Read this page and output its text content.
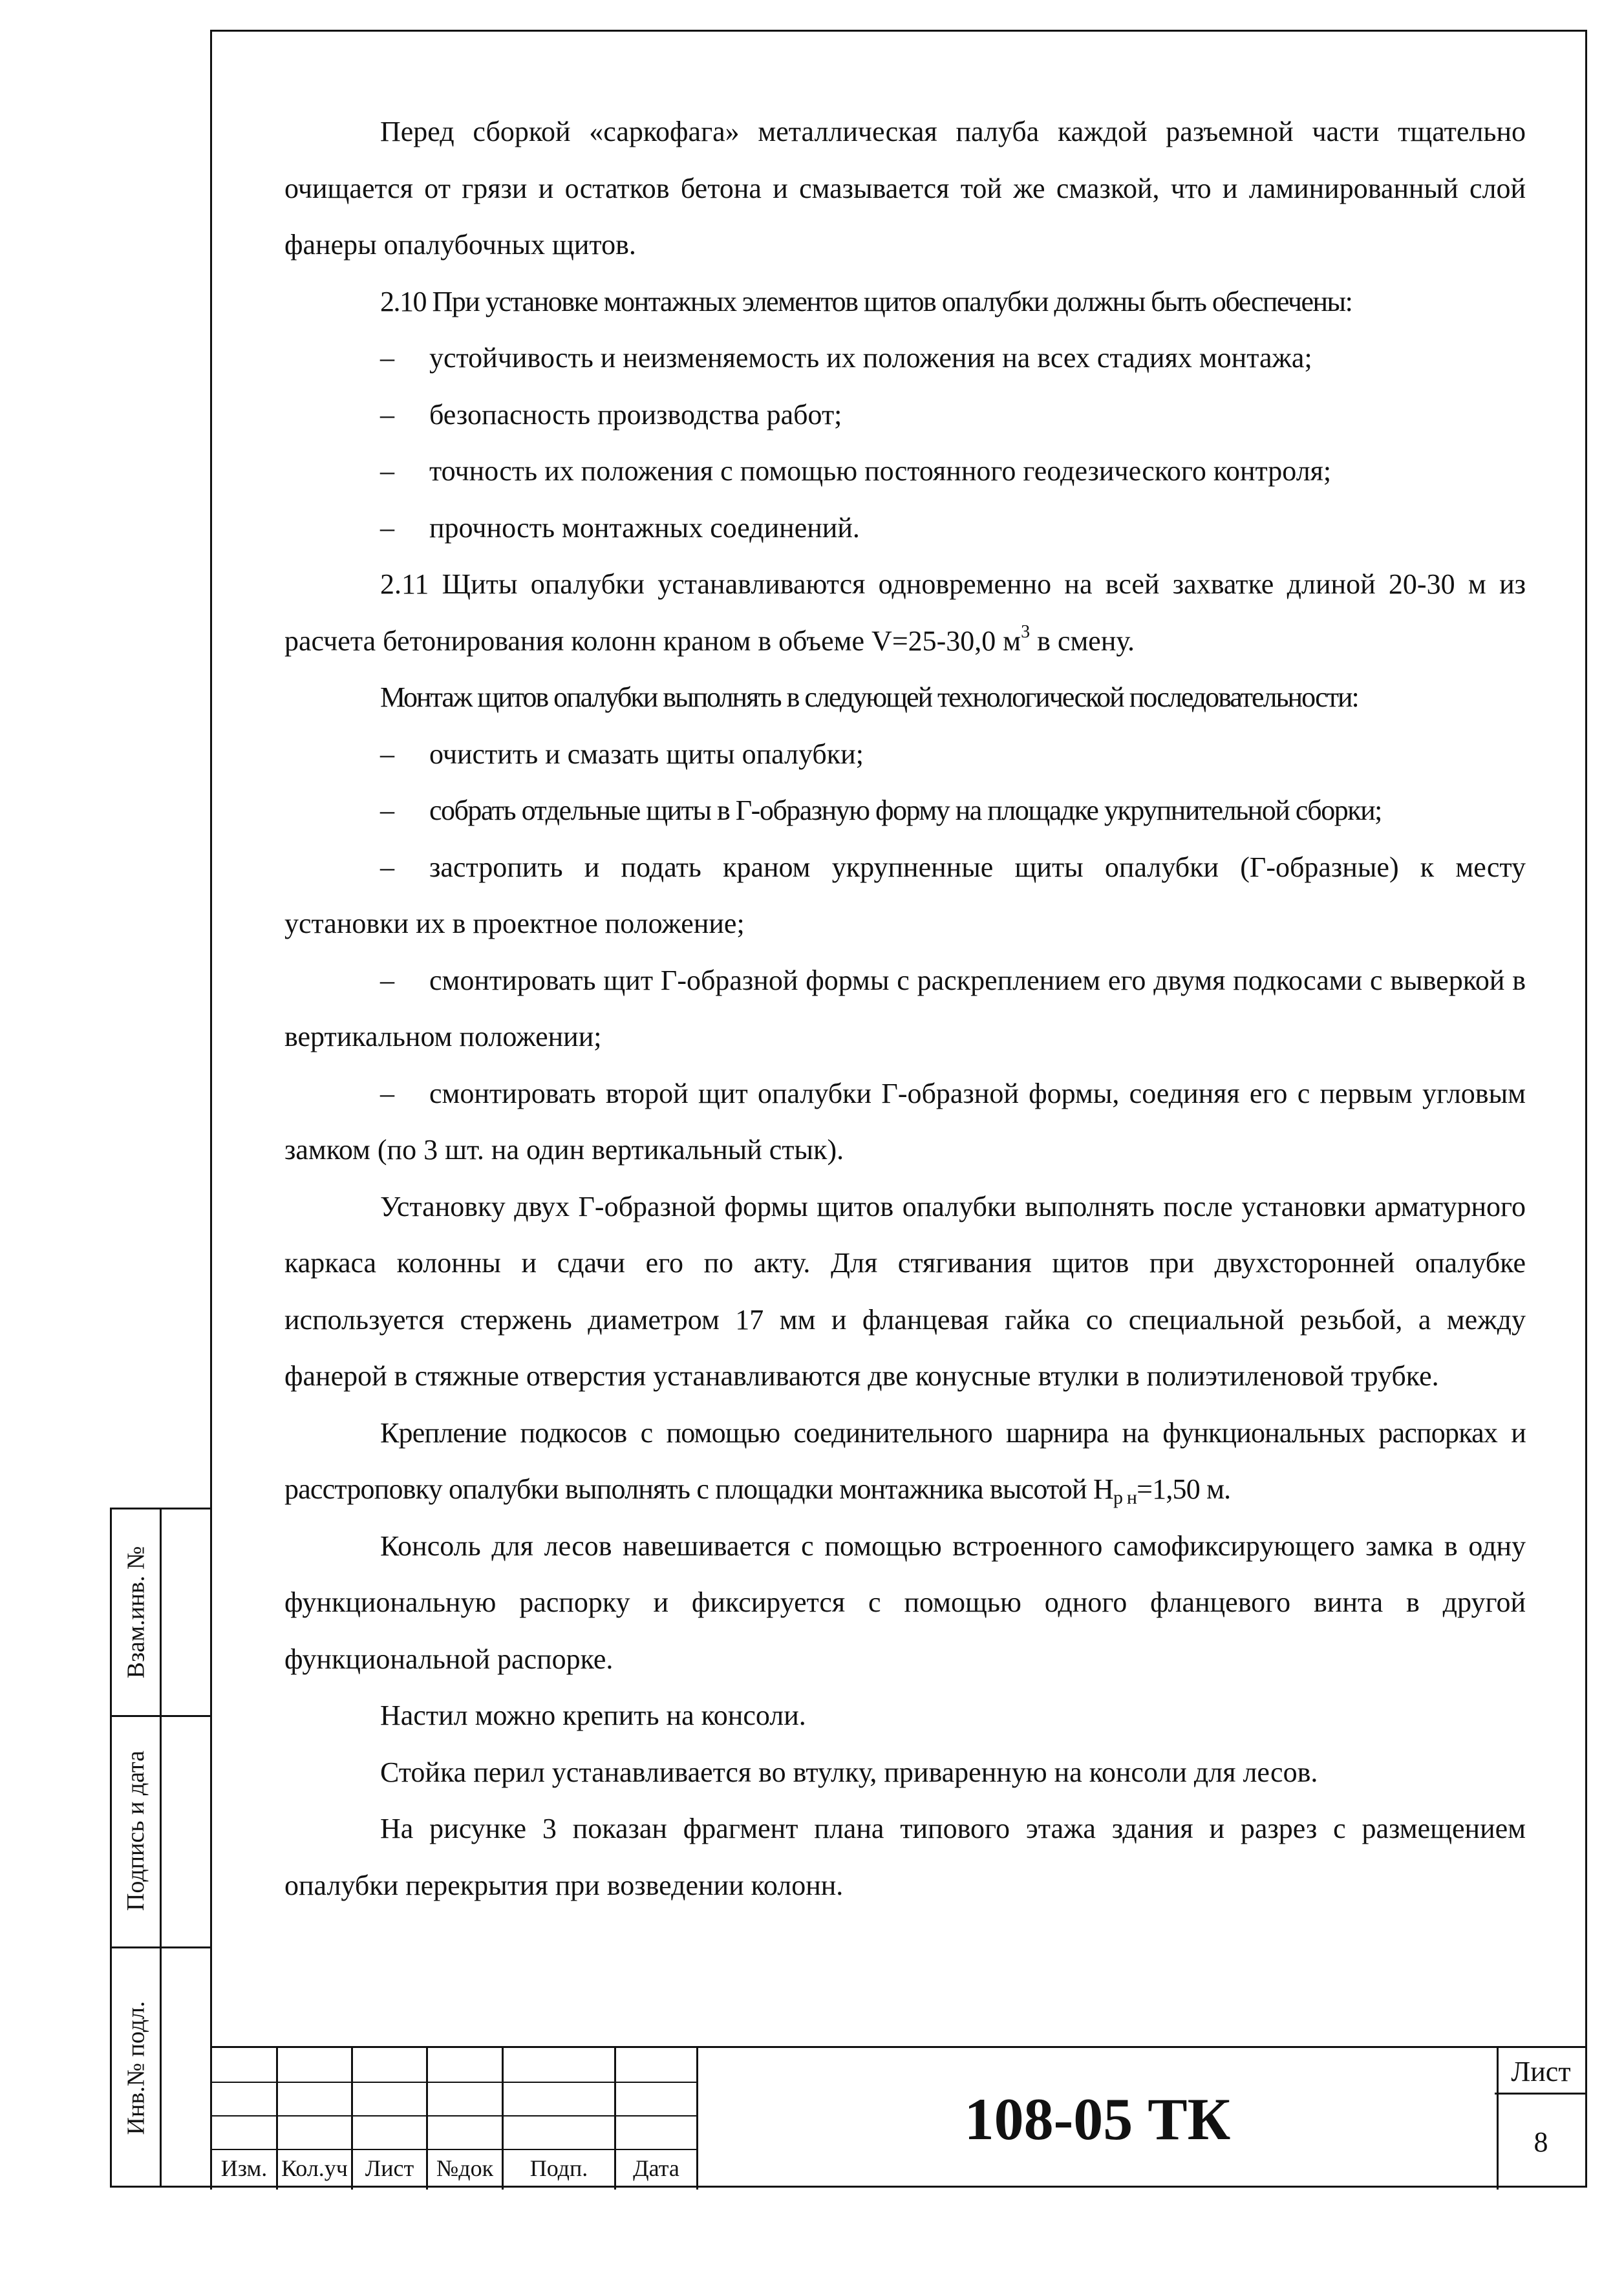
Взам.инв. №
Подпись и дата
Инв.№ подл.

Перед сборкой «саркофага» металлическая палуба каждой разъемной части тщательно очищается от грязи и остатков бетона и смазывается той же смазкой, что и ламинированный слой фанеры опалубочных щитов.

2.10 При установке монтажных элементов щитов опалубки должны быть обеспечены:

– устойчивость и неизменяемость их положения на всех стадиях монтажа;
– безопасность производства работ;
– точность их положения с помощью постоянного геодезического контроля;
– прочность монтажных соединений.

2.11 Щиты опалубки устанавливаются одновременно на всей захватке длиной 20-30 м из расчета бетонирования колонн краном в объеме V=25-30,0 $м^3$ в смену.

Монтаж щитов опалубки выполнять в следующей технологической последовательности:

– очистить и смазать щиты опалубки;
– собрать отдельные щиты в Г-образную форму на площадке укрупнительной сборки;

– застропить и подать краном укрупненные щиты опалубки (Г-образные) к месту установки их в проектное положение;

– смонтировать щит Г-образной формы с раскреплением его двумя подкосами с выверкой в вертикальном положении;

– смонтировать второй щит опалубки Г-образной формы, соединяя его с первым угловым замком (по 3 шт. на один вертикальный стык).

Установку двух Г-образной формы щитов опалубки выполнять после установки арматурного каркаса колонны и сдачи его по акту. Для стягивания щитов при двухсторонней опалубке используется стержень диаметром 17 мм и фланцевая гайка со специальной резьбой, а между фанерой в стяжные отверстия устанавливаются две конусные втулки в полиэтиленовой трубке.

Крепление подкосов с помощью соединительного шарнира на функциональных распорках и расстроповку опалубки выполнять с площадки монтажника высотой $H_{р н}=1,50$ м.

Консоль для лесов навешивается с помощью встроенного самофиксирующего замка в одну функциональную распорку и фиксируется с помощью одного фланцевого винта в другой функциональной распорке.

Настил можно крепить на консоли.

Стойка перил устанавливается во втулку, приваренную на консоли для лесов.

На рисунке 3 показан фрагмент плана типового этажа здания и разрез с размещением опалубки перекрытия при возведении колонн.

Изм. Кол.уч Лист №док	Подп.	Дата
108-05 ТК
Лист
8
